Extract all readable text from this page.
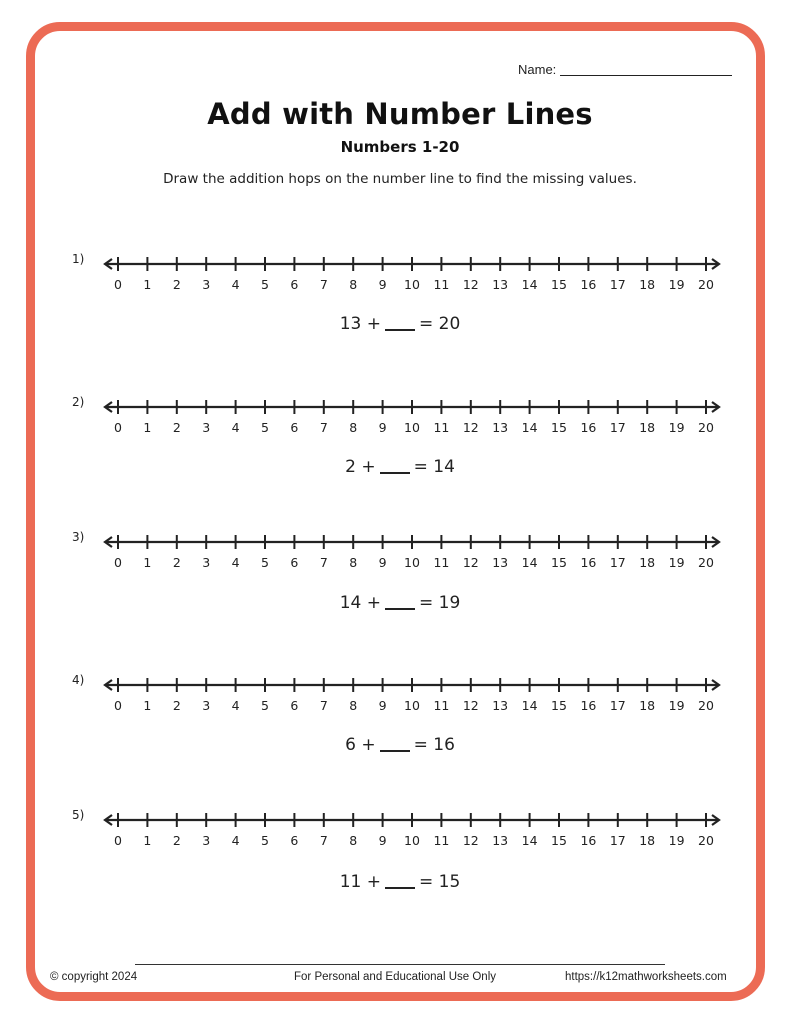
Name:
Add with Number Lines
Numbers 1-20
Draw the addition hops on the number line to find the missing values.
1)
0 1 2 3 4 5 6 7 8 9 10 11 12 13 14 15 16 17 18 19 20
13 + = 20
2)
0 1 2 3 4 5 6 7 8 9 10 11 12 13 14 15 16 17 18 19 20
2 + = 14
3)
0 1 2 3 4 5 6 7 8 9 10 11 12 13 14 15 16 17 18 19 20
14 + = 19
4)
0 1 2 3 4 5 6 7 8 9 10 11 12 13 14 15 16 17 18 19 20
6 + = 16
5)
0 1 2 3 4 5 6 7 8 9 10 11 12 13 14 15 16 17 18 19 20
11 + = 15
© copyright 2024	For Personal and Educational Use Only	https://k12mathworksheets.com
